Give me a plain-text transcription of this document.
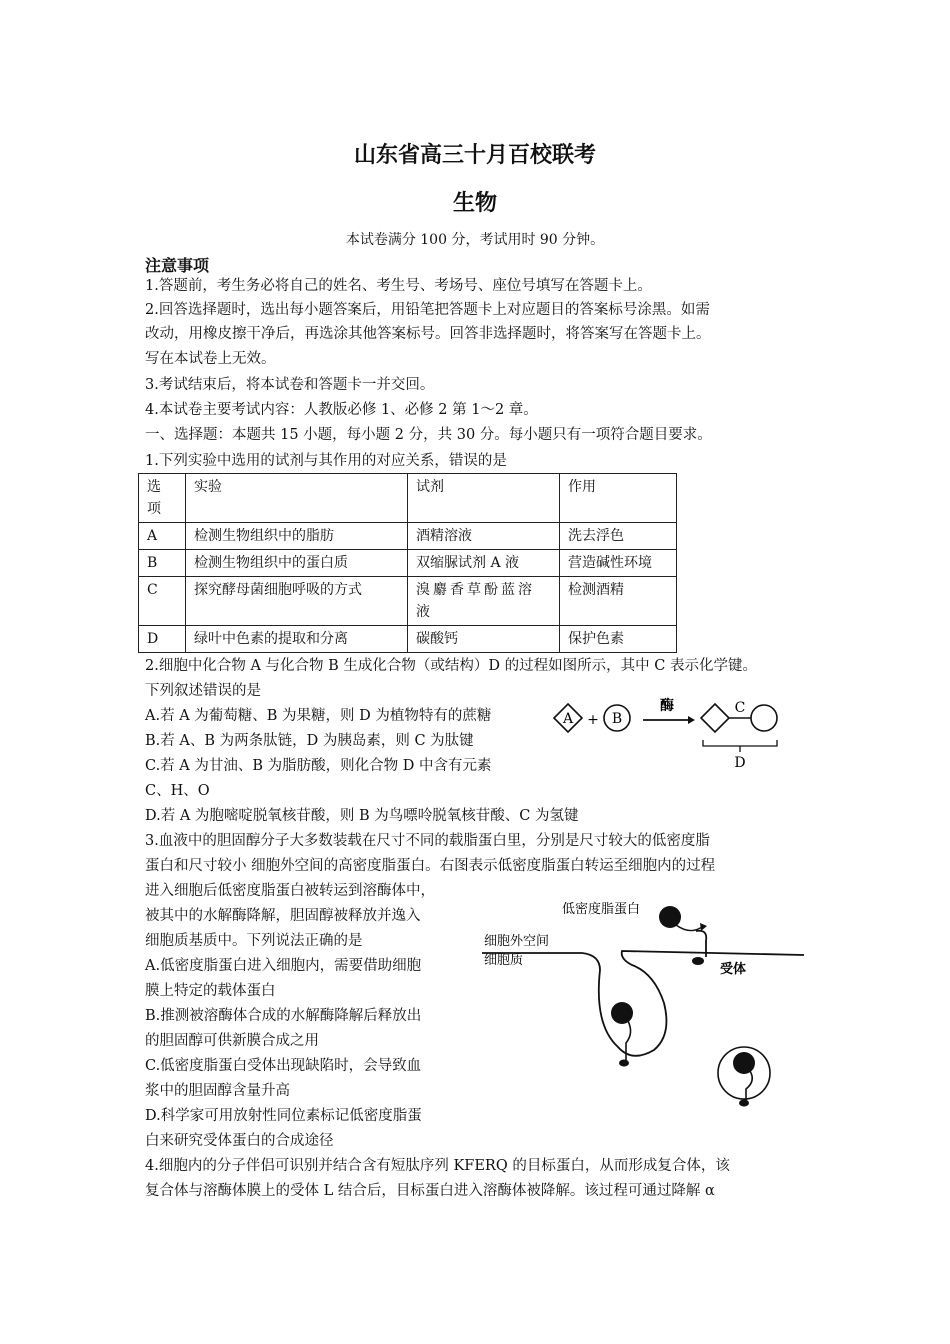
山东省高三十月百校联考
生物
本试卷满分 100 分，考试用时 90 分钟。
注意事项
1.答题前，考生务必将自己的姓名、考生号、考场号、座位号填写在答题卡上。
2.回答选择题时，选出每小题答案后，用铅笔把答题卡上对应题目的答案标号涂黑。如需
改动，用橡皮擦干净后，再选涂其他答案标号。回答非选择题时，将答案写在答题卡上。
写在本试卷上无效。
3.考试结束后，将本试卷和答题卡一并交回。
4.本试卷主要考试内容：人教版必修 1、必修 2 第 1～2 章。
一、选择题：本题共 15 小题，每小题 2 分，共 30 分。每小题只有一项符合题目要求。
1.下列实验中选用的试剂与其作用的对应关系，错误的是
选
项	实验	试剂	作用
A	检测生物组织中的脂肪	酒精溶液	洗去浮色
B	检测生物组织中的蛋白质	双缩脲试剂 A 液	营造碱性环境
C	探究酵母菌细胞呼吸的方式	溴麝香草酚蓝溶液	检测酒精
D	绿叶中色素的提取和分离	碳酸钙	保护色素
2.细胞中化合物 A 与化合物 B 生成化合物（或结构）D 的过程如图所示，其中 C 表示化学键。
下列叙述错误的是
A.若 A 为葡萄糖、B 为果糖，则 D 为植物特有的蔗糖
B.若 A、B 为两条肽链，D 为胰岛素，则 C 为肽键
C.若 A 为甘油、B 为脂肪酸，则化合物 D 中含有元素
C、H、O
D.若 A 为胞嘧啶脱氧核苷酸，则 B 为鸟嘌呤脱氧核苷酸、C 为氢键
A + B
酶	C
D
3.血液中的胆固醇分子大多数装载在尺寸不同的载脂蛋白里，分别是尺寸较大的低密度脂
蛋白和尺寸较小 细胞外空间的高密度脂蛋白。右图表示低密度脂蛋白转运至细胞内的过程
进入细胞后低密度脂蛋白被转运到溶酶体中，
被其中的水解酶降解，胆固醇被释放并逸入
细胞质基质中。下列说法正确的是
A.低密度脂蛋白进入细胞内，需要借助细胞
膜上特定的载体蛋白
B.推测被溶酶体合成的水解酶降解后释放出
的胆固醇可供新膜合成之用
C.低密度脂蛋白受体出现缺陷时，会导致血
浆中的胆固醇含量升高
D.科学家可用放射性同位素标记低密度脂蛋
白来研究受体蛋白的合成途径
低密度脂蛋白
细胞外空间
细胞质
受体
4.细胞内的分子伴侣可识别并结合含有短肽序列 KFERQ 的目标蛋白，从而形成复合体，该
复合体与溶酶体膜上的受体 L 结合后，目标蛋白进入溶酶体被降解。该过程可通过降解 α
